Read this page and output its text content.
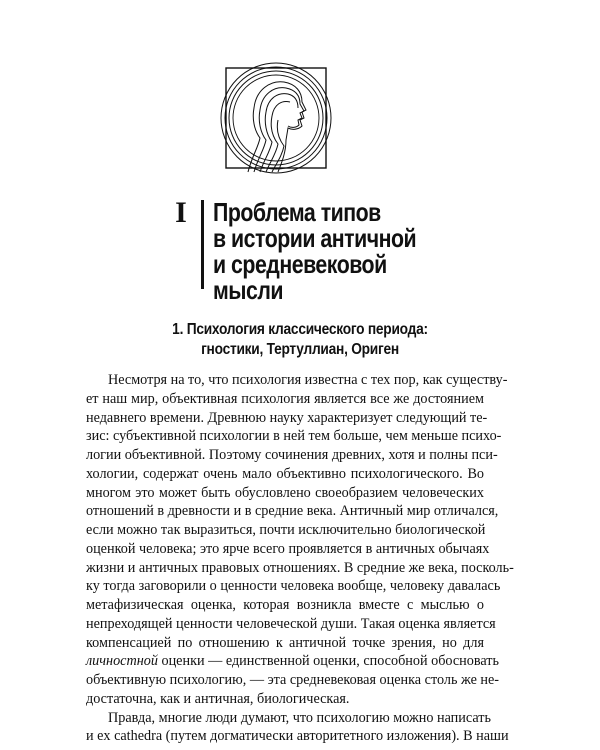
I	Проблема типов
в истории античной
и средневековой
мысли
1. Психология классического периода:
гностики, Тертуллиан, Ориген
Несмотря на то, что психология известна с тех пор, как существу-
ет наш мир, объективная психология является все же достоянием
недавнего времени. Древнюю науку характеризует следующий те-
зис: субъективной психологии в ней тем больше, чем меньше психо-
логии объективной. Поэтому сочинения древних, хотя и полны пси-
хологии, содержат очень мало объективно психологического. Во
многом это может быть обусловлено своеобразием человеческих
отношений в древности и в средние века. Античный мир отличался,
если можно так выразиться, почти исключительно биологической
оценкой человека; это ярче всего проявляется в античных обычаях
жизни и античных правовых отношениях. В средние же века, посколь-
ку тогда заговорили о ценности человека вообще, человеку давалась
метафизическая оценка, которая возникла вместе с мыслью о
непреходящей ценности человеческой души. Такая оценка является
компенсацией по отношению к античной точке зрения, но для
личностной оценки — единственной оценки, способной обосновать
объективную психологию, — эта средневековая оценка столь же не-
достаточна, как и античная, биологическая.
Правда, многие люди думают, что психологию можно написать
и ex cathedra (путем догматически авторитетного изложения). В наши
